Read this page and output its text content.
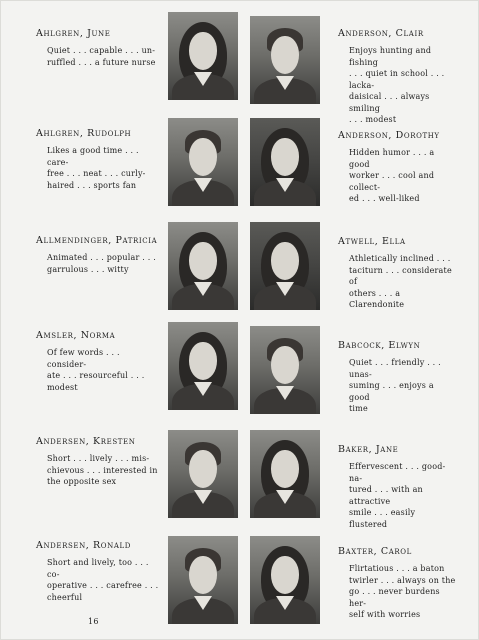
Ahlgren, June
Quiet . . . capable . . . un-
ruffled . . . a future nurse
Anderson, Clair
Enjoys hunting and fishing
. . . quiet in school . . . lacka-
daisical . . . always smiling
. . . modest
Ahlgren, Rudolph
Likes a good time . . . care-
free . . . neat . . . curly-
haired . . . sports fan
Anderson, Dorothy
Hidden humor . . . a good
worker . . . cool and collect-
ed . . . well-liked
Allmendinger, Patricia
Animated . . . popular . . .
garrulous . . . witty
Atwell, Ella
Athletically inclined . . .
taciturn . . . considerate of
others . . . a Clarendonite
Amsler, Norma
Of few words . . . consider-
ate . . . resourceful . . . modest
Babcock, Elwyn
Quiet . . . friendly . . . unas-
suming . . . enjoys a good
time
Andersen, Kresten
Short . . . lively . . . mis-
chievous . . . interested in
the opposite sex
Baker, Jane
Effervescent . . . good-na-
tured . . . with an attractive
smile . . . easily flustered
Andersen, Ronald
Short and lively, too . . . co-
operative . . . carefree . . .
cheerful
Baxter, Carol
Flirtatious . . . a baton
twirler . . . always on the
go . . . never burdens her-
self with worries
16
